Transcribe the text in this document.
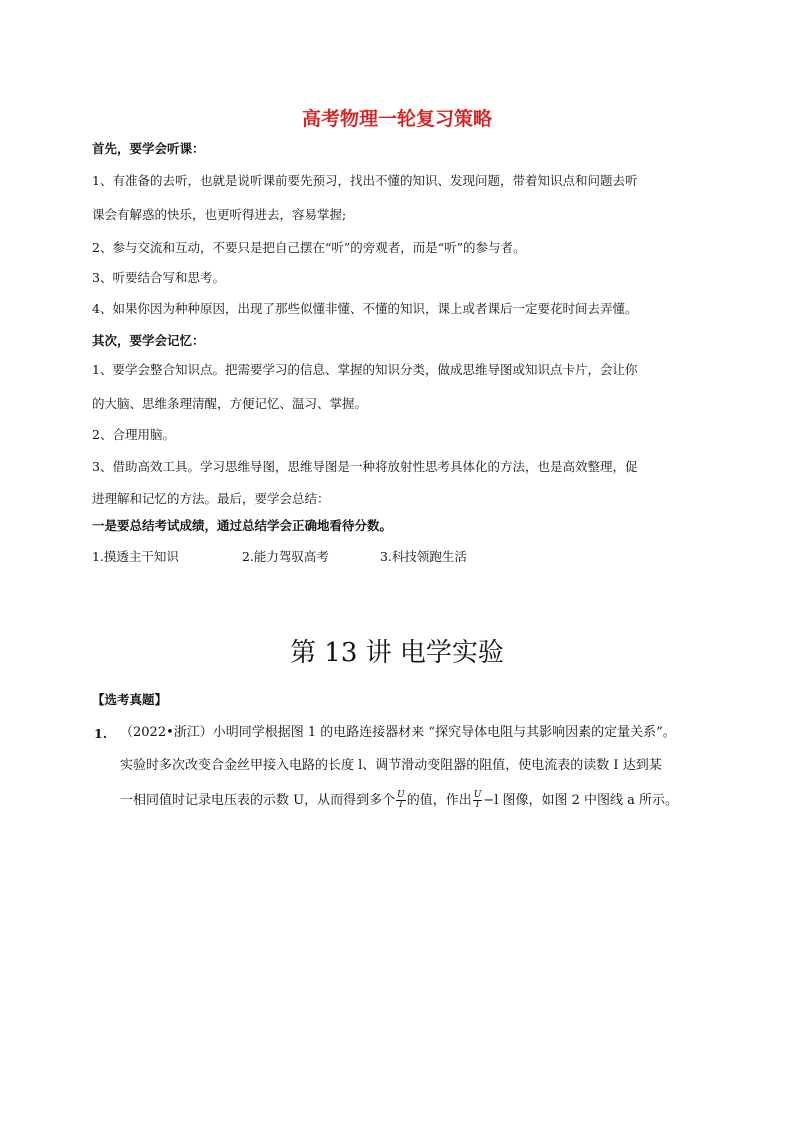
高考物理一轮复习策略
首先，要学会听课：
1、有准备的去听，也就是说听课前要先预习，找出不懂的知识、发现问题，带着知识点和问题去听
课会有解惑的快乐，也更听得进去，容易掌握;
2、参与交流和互动，不要只是把自己摆在“听”的旁观者，而是“听”的参与者。
3、听要结合写和思考。
4、如果你因为种种原因，出现了那些似懂非懂、不懂的知识，课上或者课后一定要花时间去弄懂。
其次，要学会记忆：
1、要学会整合知识点。把需要学习的信息、掌握的知识分类，做成思维导图或知识点卡片，会让你
的大脑、思维条理清醒，方便记忆、温习、掌握。
2、合理用脑。
3、借助高效工具。学习思维导图，思维导图是一种将放射性思考具体化的方法，也是高效整理，促
进理解和记忆的方法。最后，要学会总结：
一是要总结考试成绩，通过总结学会正确地看待分数。
1.摸透主干知识	2.能力驾驭高考	3.科技领跑生活
第 13 讲 电学实验
【选考真题】
1. （2022•浙江）小明同学根据图 1 的电路连接器材来 “探究导体电阻与其影响因素的定量关系”。
实验时多次改变合金丝甲接入电路的长度 l、调节滑动变阻器的阻值，使电流表的读数 I 达到某
一相同值时记录电压表的示数 U，从而得到多个 $\frac{U}{I}$ 的值，作出 $\frac{U}{I} -l$ 图像，如图 2 中图线 a 所示。
